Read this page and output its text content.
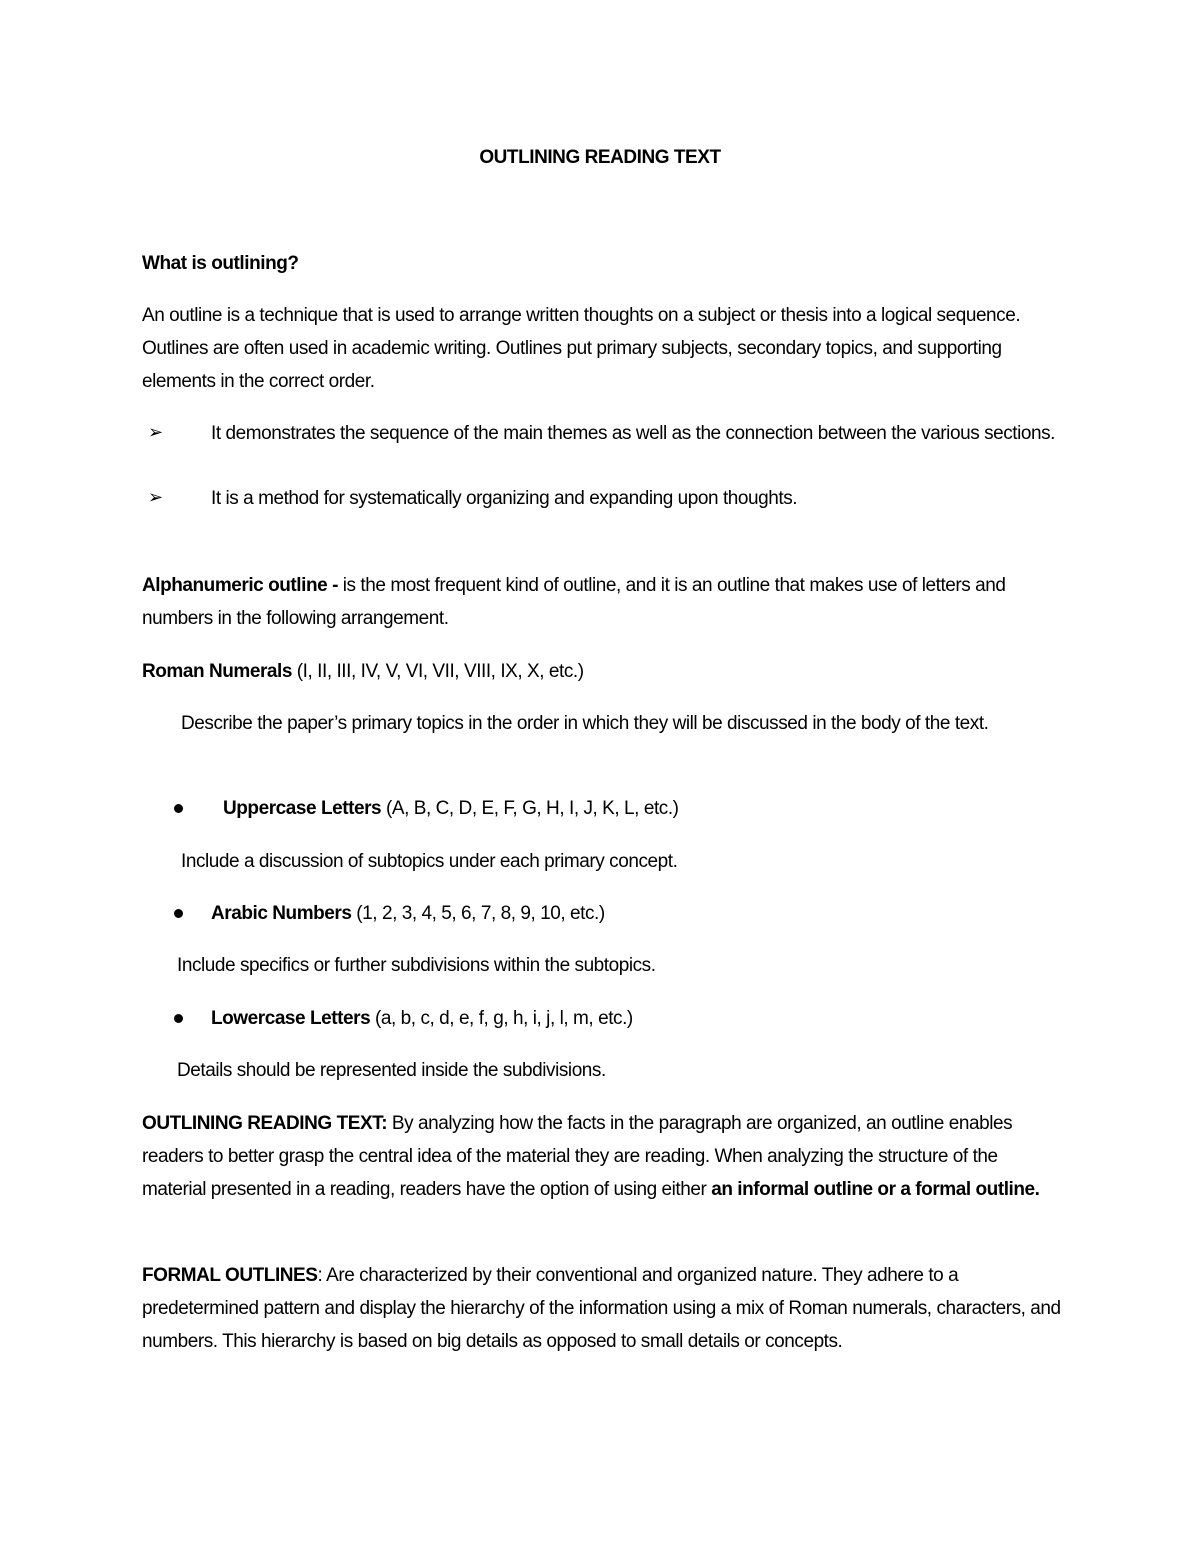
OUTLINING READING TEXT
What is outlining?
An outline is a technique that is used to arrange written thoughts on a subject or thesis into a logical sequence. Outlines are often used in academic writing. Outlines put primary subjects, secondary topics, and supporting elements in the correct order.
➢	It demonstrates the sequence of the main themes as well as the connection between the various sections.
➢	It is a method for systematically organizing and expanding upon thoughts.
Alphanumeric outline - is the most frequent kind of outline, and it is an outline that makes use of letters and numbers in the following arrangement.
Roman Numerals (I, II, III, IV, V, VI, VII, VIII, IX, X, etc.)
Describe the paper’s primary topics in the order in which they will be discussed in the body of the text.
Uppercase Letters (A, B, C, D, E, F, G, H, I, J, K, L, etc.)
Include a discussion of subtopics under each primary concept.
Arabic Numbers (1, 2, 3, 4, 5, 6, 7, 8, 9, 10, etc.)
Include specifics or further subdivisions within the subtopics.
Lowercase Letters (a, b, c, d, e, f, g, h, i, j, l, m, etc.)
Details should be represented inside the subdivisions.
OUTLINING READING TEXT: By analyzing how the facts in the paragraph are organized, an outline enables readers to better grasp the central idea of the material they are reading. When analyzing the structure of the material presented in a reading, readers have the option of using either an informal outline or a formal outline.
FORMAL OUTLINES: Are characterized by their conventional and organized nature. They adhere to a predetermined pattern and display the hierarchy of the information using a mix of Roman numerals, characters, and numbers. This hierarchy is based on big details as opposed to small details or concepts.
